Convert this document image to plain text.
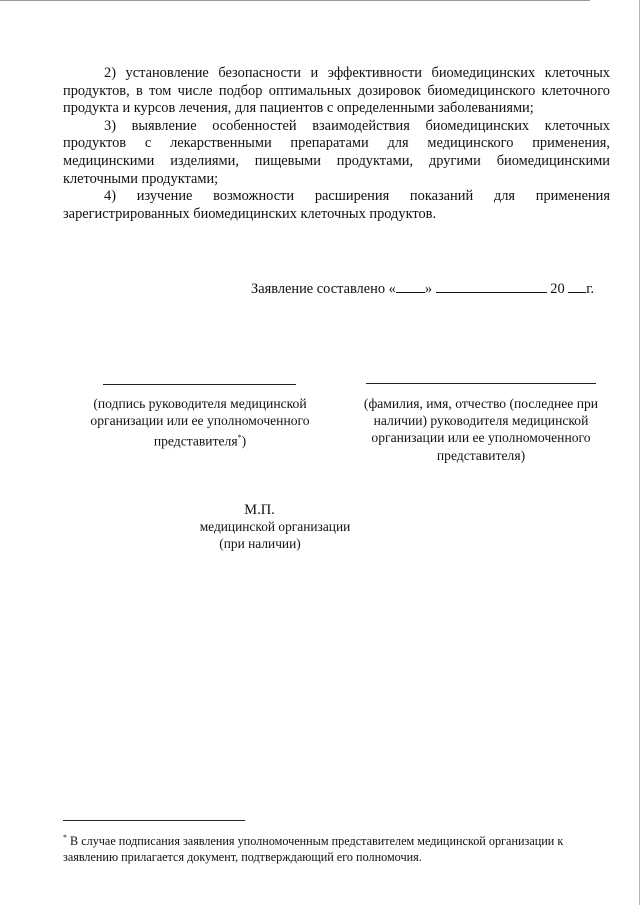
2) установление безопасности и эффективности биомедицинских клеточных продуктов, в том числе подбор оптимальных дозировок биомедицинского клеточного продукта и курсов лечения, для пациентов с определенными заболеваниями;

3) выявление особенностей взаимодействия биомедицинских клеточных продуктов с лекарственными препаратами для медицинского применения, медицинскими изделиями, пищевыми продуктами, другими биомедицинскими клеточными продуктами;

4) изучение возможности расширения показаний для применения зарегистрированных биомедицинских клеточных продуктов.

Заявление составлено « »	20 г.
(подпись руководителя медицинской
организации или ее уполномоченного
представителя*)
(фамилия, имя, отчество (последнее при
наличии) руководителя медицинской
организации или ее уполномоченного
представителя)
М.П.
медицинской организации
(при наличии)
* В случае подписания заявления уполномоченным представителем медицинской организации к заявлению прилагается документ, подтверждающий его полномочия.
